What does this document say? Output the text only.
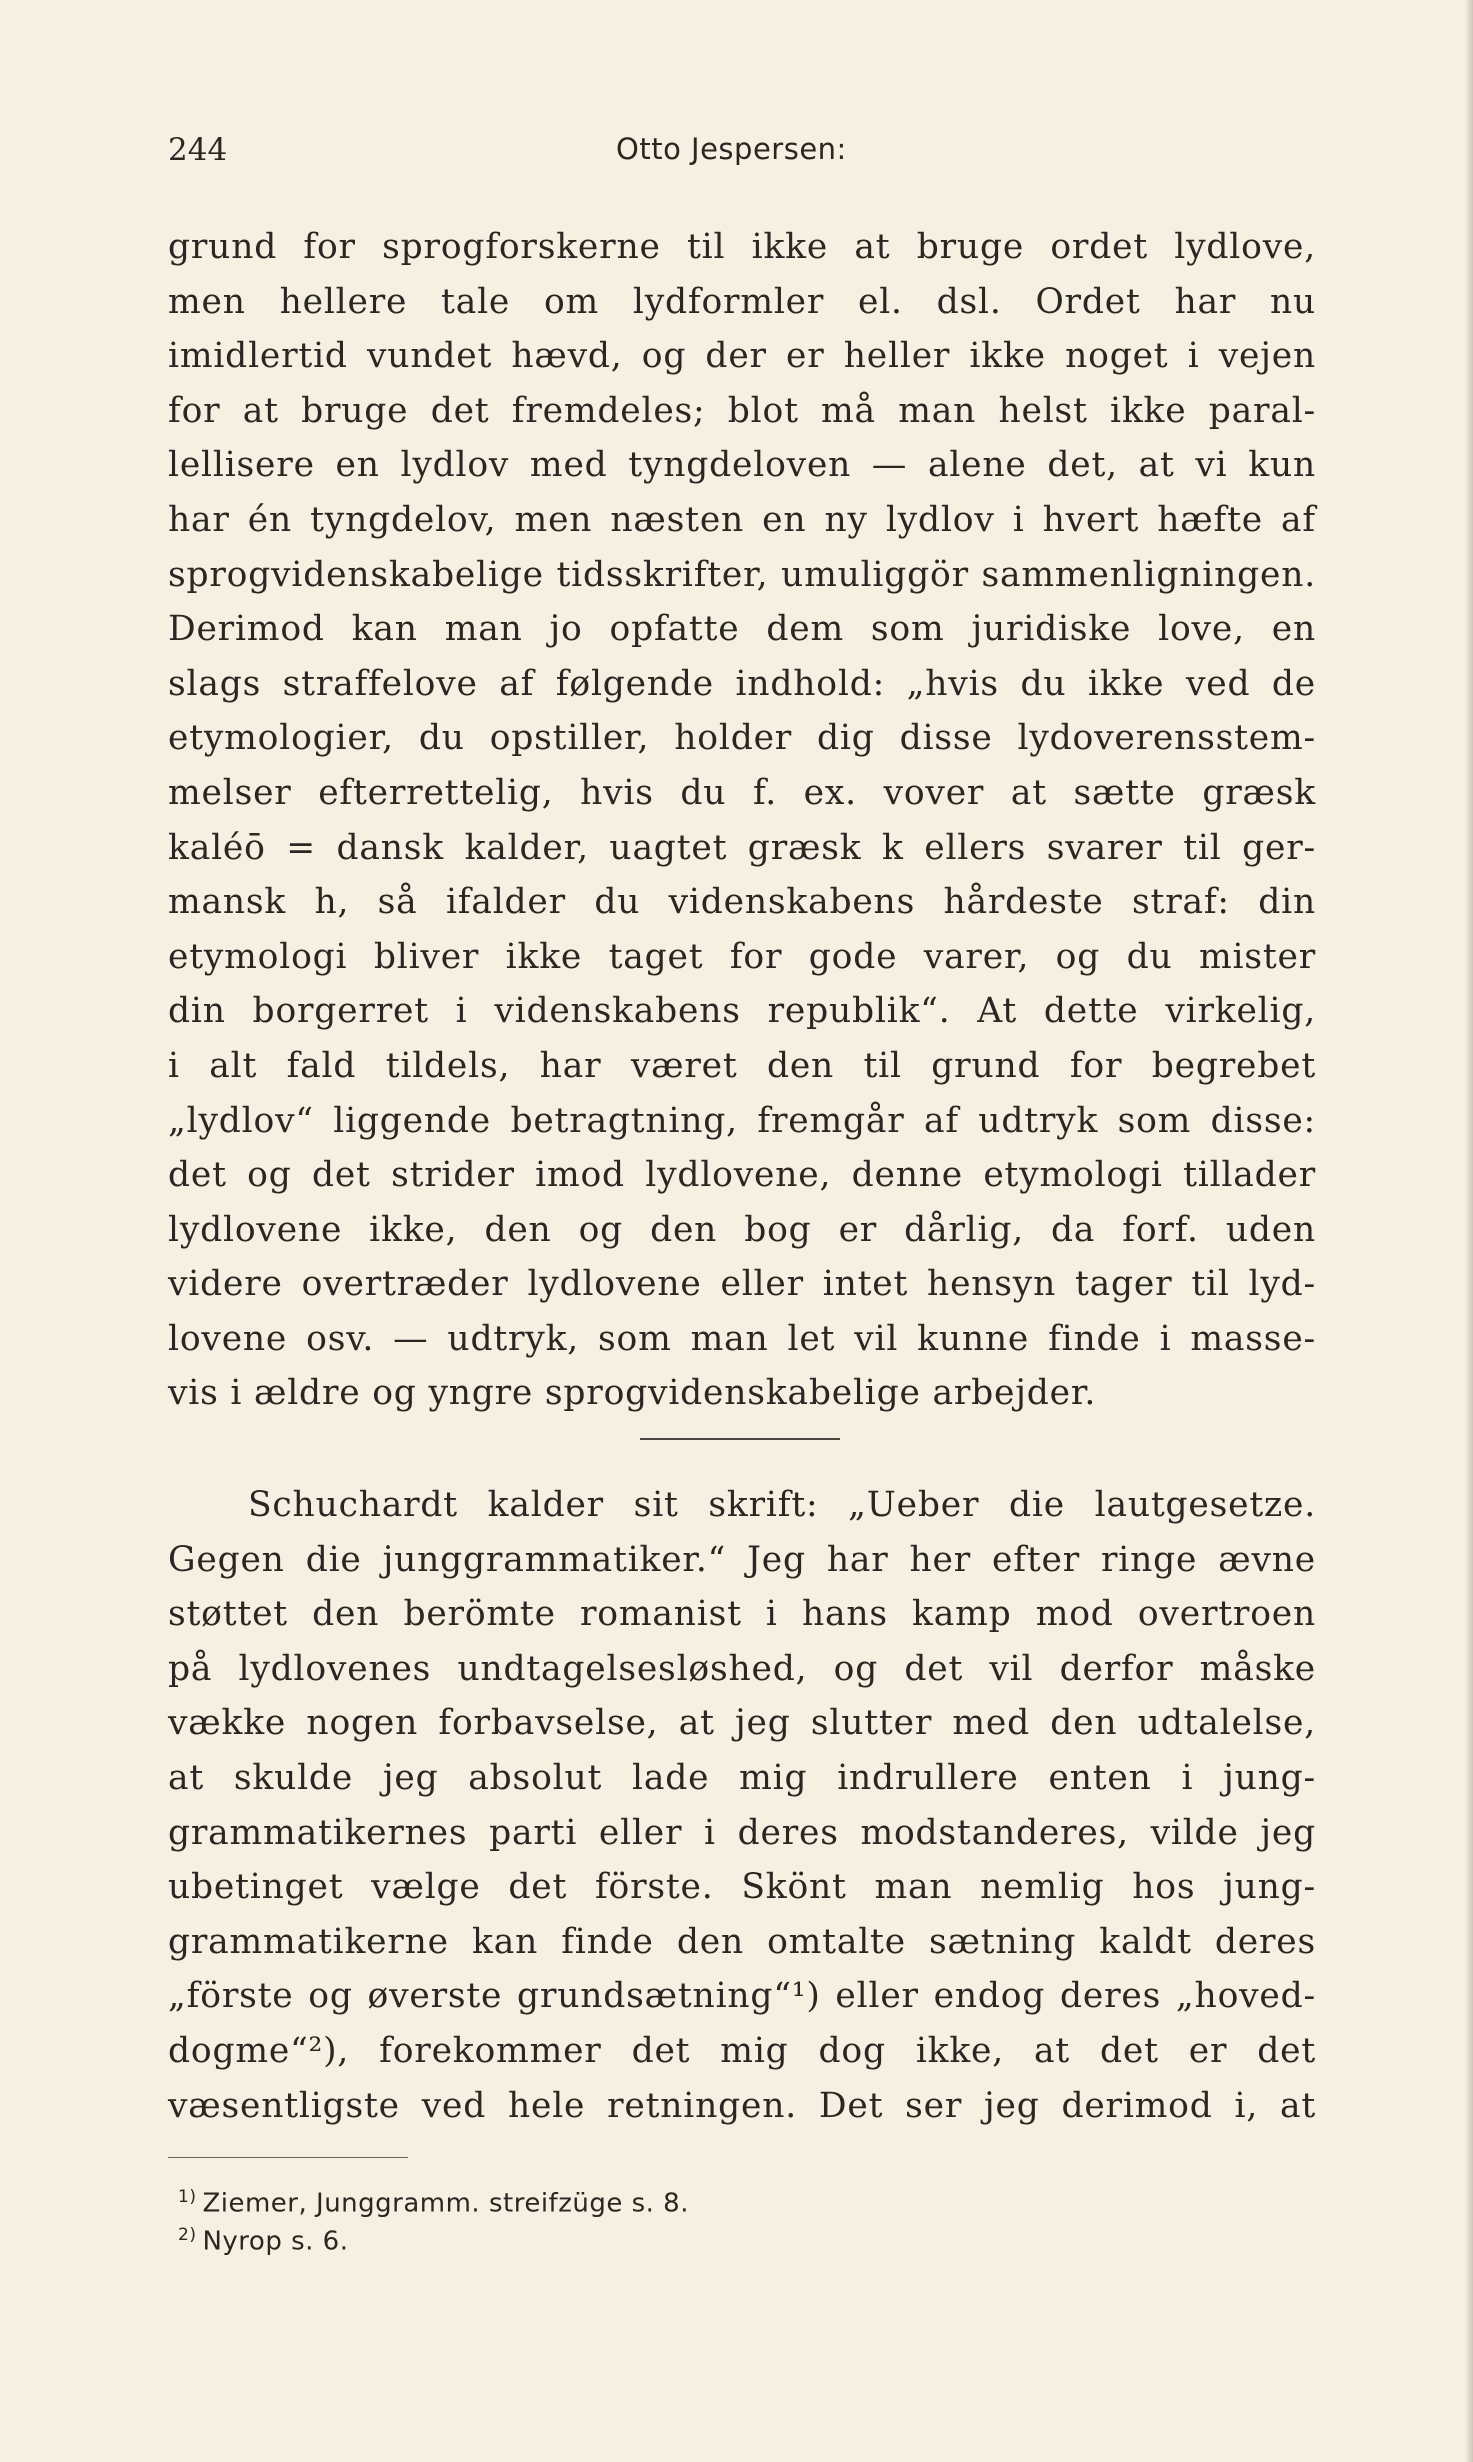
244	Otto Jespersen:
grund for sprogforskerne til ikke at bruge ordet lydlove,
men hellere tale om lydformler el. dsl. Ordet har nu
imidlertid vundet hævd, og der er heller ikke noget i vejen
for at bruge det fremdeles; blot må man helst ikke paral-
lellisere en lydlov med tyngdeloven — alene det, at vi kun
har én tyngdelov, men næsten en ny lydlov i hvert hæfte af
sprogvidenskabelige tidsskrifter, umuliggör sammenligningen.
Derimod kan man jo opfatte dem som juridiske love, en
slags straffelove af følgende indhold: „hvis du ikke ved de
etymologier, du opstiller, holder dig disse lydoverensstem-
melser efterrettelig, hvis du f. ex. vover at sætte græsk
kaléō = dansk kalder, uagtet græsk k ellers svarer til ger-
mansk h, så ifalder du videnskabens hårdeste straf: din
etymologi bliver ikke taget for gode varer, og du mister
din borgerret i videnskabens republik“. At dette virkelig,
i alt fald tildels, har været den til grund for begrebet
„lydlov“ liggende betragtning, fremgår af udtryk som disse:
det og det strider imod lydlovene, denne etymologi tillader
lydlovene ikke, den og den bog er dårlig, da forf. uden
videre overtræder lydlovene eller intet hensyn tager til lyd-
lovene osv. — udtryk, som man let vil kunne finde i masse-
vis i ældre og yngre sprogvidenskabelige arbejder.
Schuchardt kalder sit skrift: „Ueber die lautgesetze.
Gegen die junggrammatiker.“ Jeg har her efter ringe ævne
støttet den berömte romanist i hans kamp mod overtroen
på lydlovenes undtagelsesløshed, og det vil derfor måske
vække nogen forbavselse, at jeg slutter med den udtalelse,
at skulde jeg absolut lade mig indrullere enten i jung-
grammatikernes parti eller i deres modstanderes, vilde jeg
ubetinget vælge det förste. Skönt man nemlig hos jung-
grammatikerne kan finde den omtalte sætning kaldt deres
„förste og øverste grundsætning“¹) eller endog deres „hoved-
dogme“²), forekommer det mig dog ikke, at det er det
væsentligste ved hele retningen. Det ser jeg derimod i, at
$^{1)}$ Ziemer, Junggramm. streifzüge s. 8.
$^{2)}$ Nyrop s. 6.
